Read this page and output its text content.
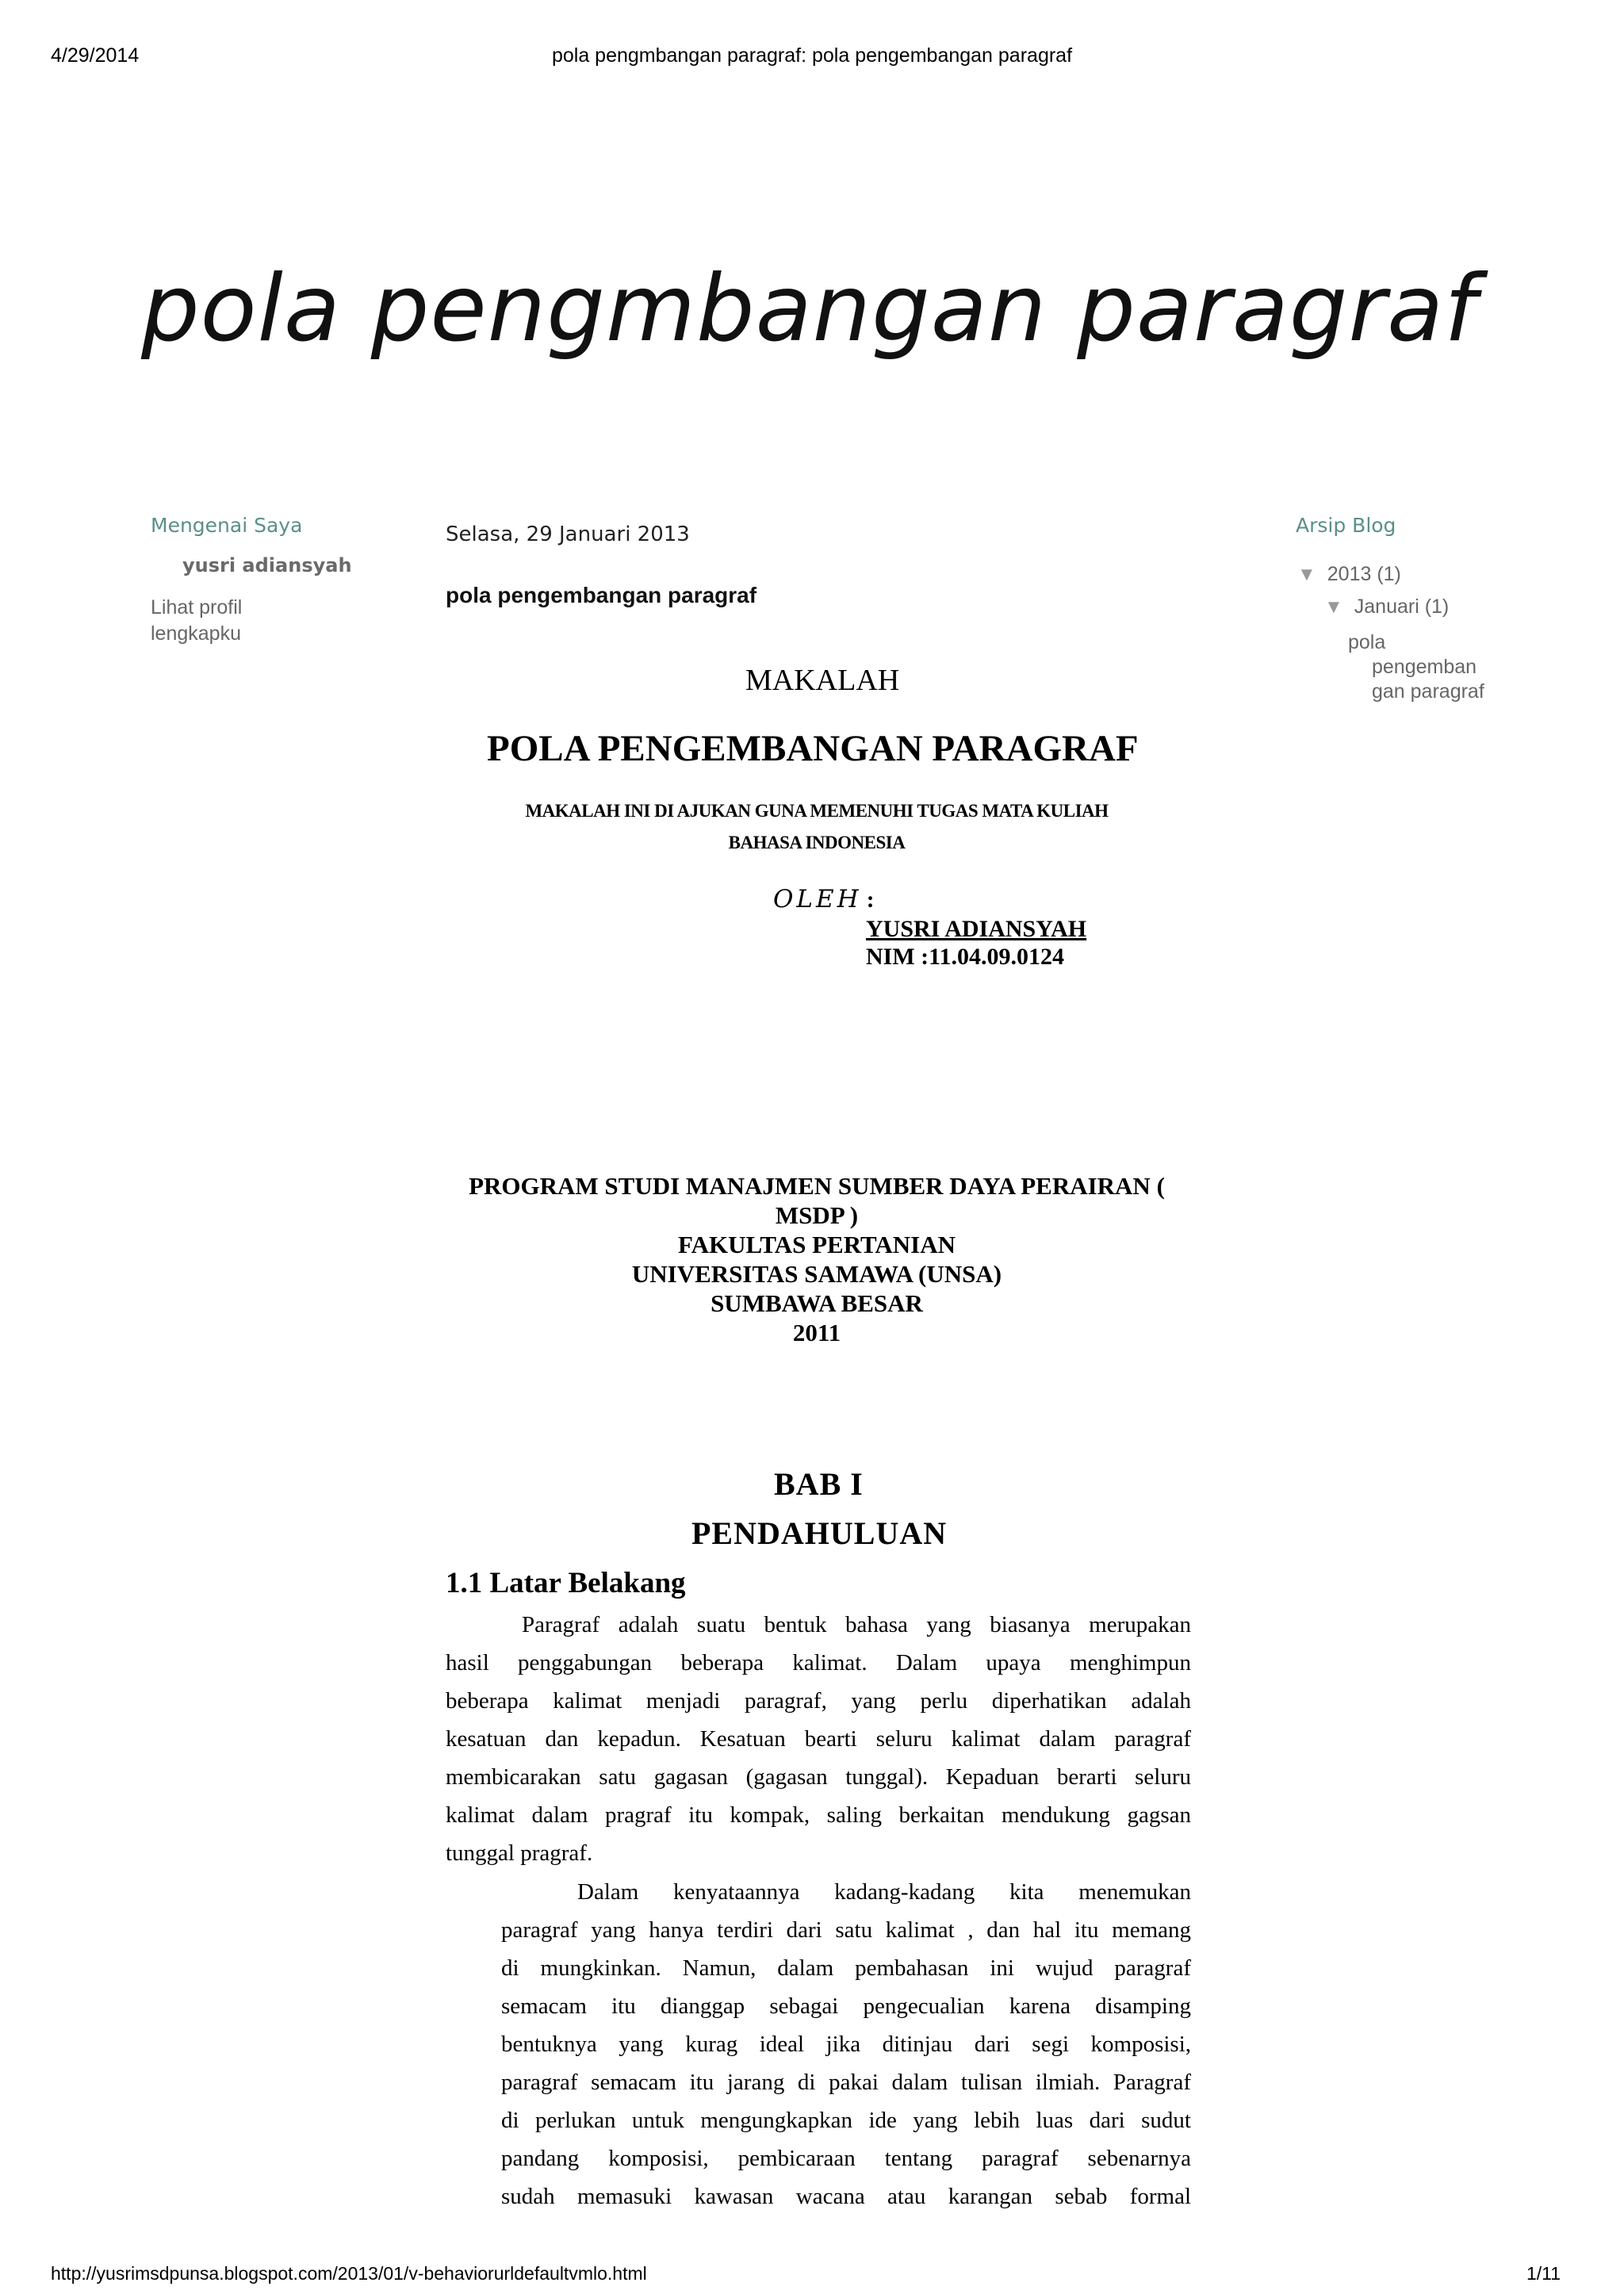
4/29/2014	pola pengmbangan paragraf: pola pengembangan paragraf
pola pengmbangan paragraf
Mengenai Saya
yusri adiansyah
Lihat profil
lengkapku
Arsip Blog
▼ 2013 (1)
▼ Januari (1)
pola
pengemban
gan paragraf
Selasa, 29 Januari 2013
pola pengembangan paragraf
MAKALAH
POLA PENGEMBANGAN PARAGRAF
MAKALAH INI DI AJUKAN GUNA MEMENUHI TUGAS MATA KULIAH
BAHASA INDONESIA
OLEH :
YUSRI ADIANSYAH
NIM :11.04.09.0124
PROGRAM STUDI MANAJMEN SUMBER DAYA PERAIRAN (
MSDP )
FAKULTAS PERTANIAN
UNIVERSITAS SAMAWA (UNSA)
SUMBAWA BESAR
2011
BAB I
PENDAHULUAN
1.1 Latar Belakang
Paragraf adalah suatu bentuk bahasa yang biasanya merupakan
hasil penggabungan beberapa kalimat. Dalam upaya menghimpun
beberapa kalimat menjadi paragraf, yang perlu diperhatikan adalah
kesatuan dan kepadun. Kesatuan bearti seluru kalimat dalam paragraf
membicarakan satu gagasan (gagasan tunggal). Kepaduan berarti seluru
kalimat dalam pragraf itu kompak, saling berkaitan mendukung gagsan
tunggal pragraf.
Dalam kenyataannya kadang-kadang kita menemukan
paragraf yang hanya terdiri dari satu kalimat , dan hal itu memang
di mungkinkan. Namun, dalam pembahasan ini wujud paragraf
semacam itu dianggap sebagai pengecualian karena disamping
bentuknya yang kurag ideal jika ditinjau dari segi komposisi,
paragraf semacam itu jarang di pakai dalam tulisan ilmiah. Paragraf
di perlukan untuk mengungkapkan ide yang lebih luas dari sudut
pandang komposisi, pembicaraan tentang paragraf sebenarnya
sudah memasuki kawasan wacana atau karangan sebab formal
http://yusrimsdpunsa.blogspot.com/2013/01/v-behaviorurldefaultvmlo.html	1/11
